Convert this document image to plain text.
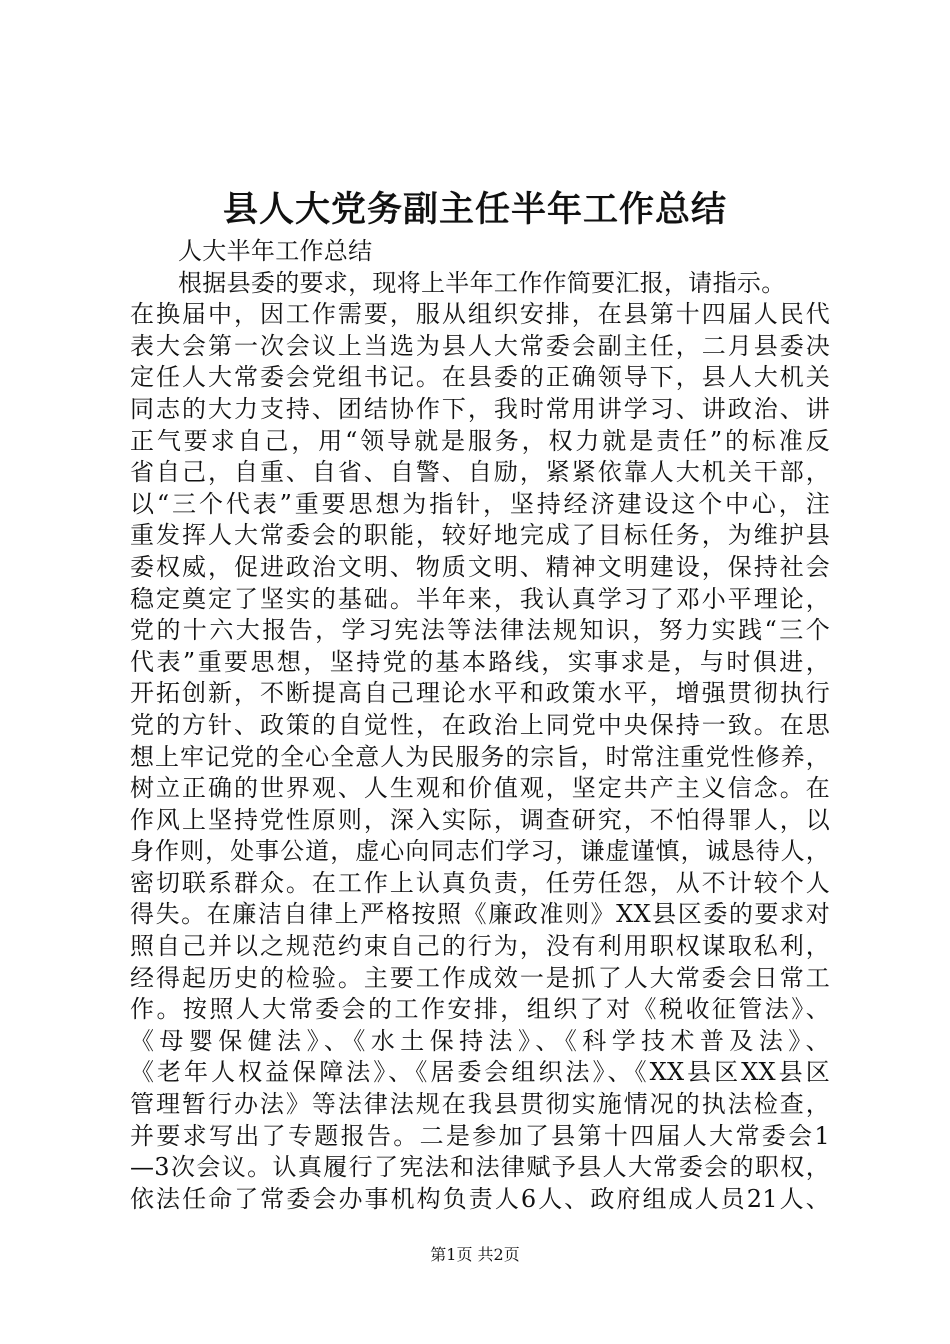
县人大党务副主任半年工作总结

人大半年工作总结

根据县委的要求，现将上半年工作作简要汇报，请指示。

在换届中，因工作需要，服从组织安排，在县第十四届人民代

表大会第一次会议上当选为县人大常委会副主任，二月县委决

定任人大常委会党组书记。在县委的正确领导下，县人大机关

同志的大力支持、团结协作下，我时常用讲学习、讲政治、讲

正气要求自己，用“领导就是服务，权力就是责任”的标准反

省自己，自重、自省、自警、自励，紧紧依靠人大机关干部，

以“三个代表”重要思想为指针，坚持经济建设这个中心，注

重发挥人大常委会的职能，较好地完成了目标任务，为维护县

委权威，促进政治文明、物质文明、精神文明建设，保持社会

稳定奠定了坚实的基础。半年来，我认真学习了邓小平理论，

党的十六大报告，学习宪法等法律法规知识，努力实践“三个

代表”重要思想，坚持党的基本路线，实事求是，与时俱进，

开拓创新，不断提高自己理论水平和政策水平，增强贯彻执行

党的方针、政策的自觉性，在政治上同党中央保持一致。在思

想上牢记党的全心全意人为民服务的宗旨，时常注重党性修养，

树立正确的世界观、人生观和价值观，坚定共产主义信念。在

作风上坚持党性原则，深入实际，调查研究，不怕得罪人，以

身作则，处事公道，虚心向同志们学习，谦虚谨慎，诚恳待人，

密切联系群众。在工作上认真负责，任劳任怨，从不计较个人

得失。在廉洁自律上严格按照《廉政准则》XX县区委的要求对

照自己并以之规范约束自己的行为，没有利用职权谋取私利，

经得起历史的检验。主要工作成效一是抓了人大常委会日常工

作。按照人大常委会的工作安排，组织了对《税收征管法》、

《母婴保健法》、《水土保持法》、《科学技术普及法》、

《老年人权益保障法》、《居委会组织法》、《XX县区XX县区

管理暂行办法》等法律法规在我县贯彻实施情况的执法检查，

并要求写出了专题报告。二是参加了县第十四届人大常委会1

—3次会议。认真履行了宪法和法律赋予县人大常委会的职权，

依法任命了常委会办事机构负责人6人、政府组成人员21人、

第1页 共2页
